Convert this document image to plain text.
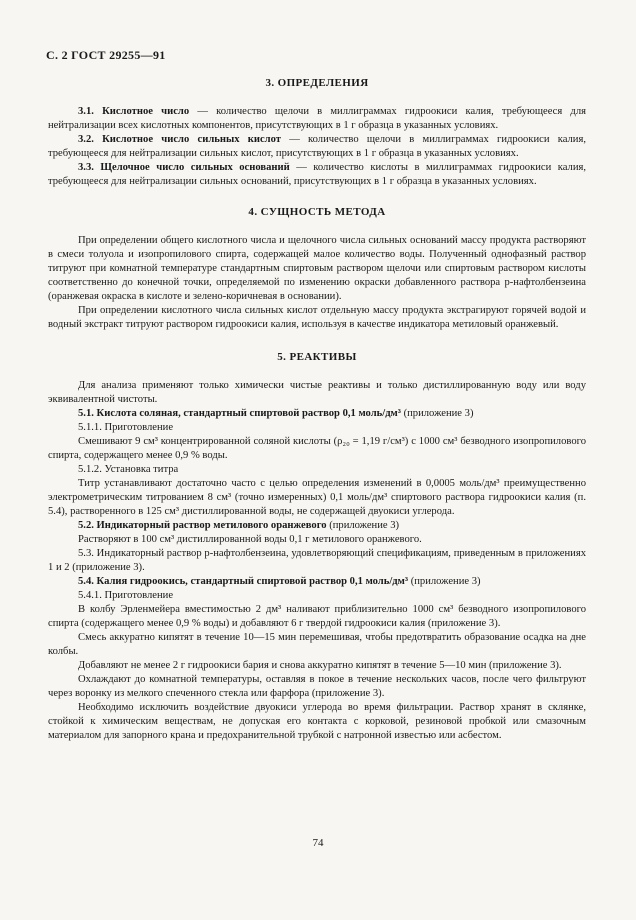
С. 2 ГОСТ 29255—91
3. ОПРЕДЕЛЕНИЯ

3.1. Кислотное число — количество щелочи в миллиграммах гидроокиси калия, требующееся для нейтрализации всех кислотных компонентов, присутствующих в 1 г образца в указанных условиях.

3.2. Кислотное число сильных кислот — количество щелочи в миллиграммах гидроокиси калия, требующееся для нейтрализации сильных кислот, присутствующих в 1 г образца в указанных условиях.

3.3. Щелочное число сильных оснований — количество кислоты в миллиграммах гидроокиси калия, требующееся для нейтрализации сильных оснований, присутствующих в 1 г образца в указанных условиях.

4. СУЩНОСТЬ МЕТОДА

При определении общего кислотного числа и щелочного числа сильных оснований массу продукта растворяют в смеси толуола и изопропилового спирта, содержащей малое количество воды. Полученный однофазный раствор титруют при комнатной температуре стандартным спиртовым раствором щелочи или спиртовым раствором кислоты соответственно до конечной точки, определяемой по изменению окраски добавленного раствора p-нафтолбензеина (оранжевая окраска в кислоте и зелено-коричневая в основании).

При определении кислотного числа сильных кислот отдельную массу продукта экстрагируют горячей водой и водный экстракт титруют раствором гидроокиси калия, используя в качестве индикатора метиловый оранжевый.

5. РЕАКТИВЫ

Для анализа применяют только химически чистые реактивы и только дистиллированную воду или воду эквивалентной чистоты.

5.1. Кислота соляная, стандартный спиртовой раствор 0,1 моль/дм³ (приложение 3)

5.1.1. Приготовление

Смешивают 9 см³ концентрированной соляной кислоты (ρ₂₀ = 1,19 г/см³) с 1000 см³ безводного изопропилового спирта, содержащего менее 0,9 % воды.

5.1.2. Установка титра

Титр устанавливают достаточно часто с целью определения изменений в 0,0005 моль/дм³ преимущественно электрометрическим титрованием 8 см³ (точно измеренных) 0,1 моль/дм³ спиртового раствора гидроокиси калия (п. 5.4), растворенного в 125 см³ дистиллированной воды, не содержащей двуокиси углерода.

5.2. Индикаторный раствор метилового оранжевого (приложение 3)

Растворяют в 100 см³ дистиллированной воды 0,1 г метилового оранжевого.

5.3. Индикаторный раствор p-нафтолбензеина, удовлетворяющий спецификациям, приведенным в приложениях 1 и 2 (приложение 3).

5.4. Калия гидроокись, стандартный спиртовой раствор 0,1 моль/дм³ (приложение 3)

5.4.1. Приготовление

В колбу Эрленмейера вместимостью 2 дм³ наливают приблизительно 1000 см³ безводного изопропилового спирта (содержащего менее 0,9 % воды) и добавляют 6 г твердой гидроокиси калия (приложение 3).

Смесь аккуратно кипятят в течение 10—15 мин перемешивая, чтобы предотвратить образование осадка на дне колбы.

Добавляют не менее 2 г гидроокиси бария и снова аккуратно кипятят в течение 5—10 мин (приложение 3).

Охлаждают до комнатной температуры, оставляя в покое в течение нескольких часов, после чего фильтруют через воронку из мелкого спеченного стекла или фарфора (приложение 3).

Необходимо исключить воздействие двуокиси углерода во время фильтрации. Раствор хранят в склянке, стойкой к химическим веществам, не допуская его контакта с корковой, резиновой пробкой или смазочным материалом для запорного крана и предохранительной трубкой с натронной известью или асбестом.

74
